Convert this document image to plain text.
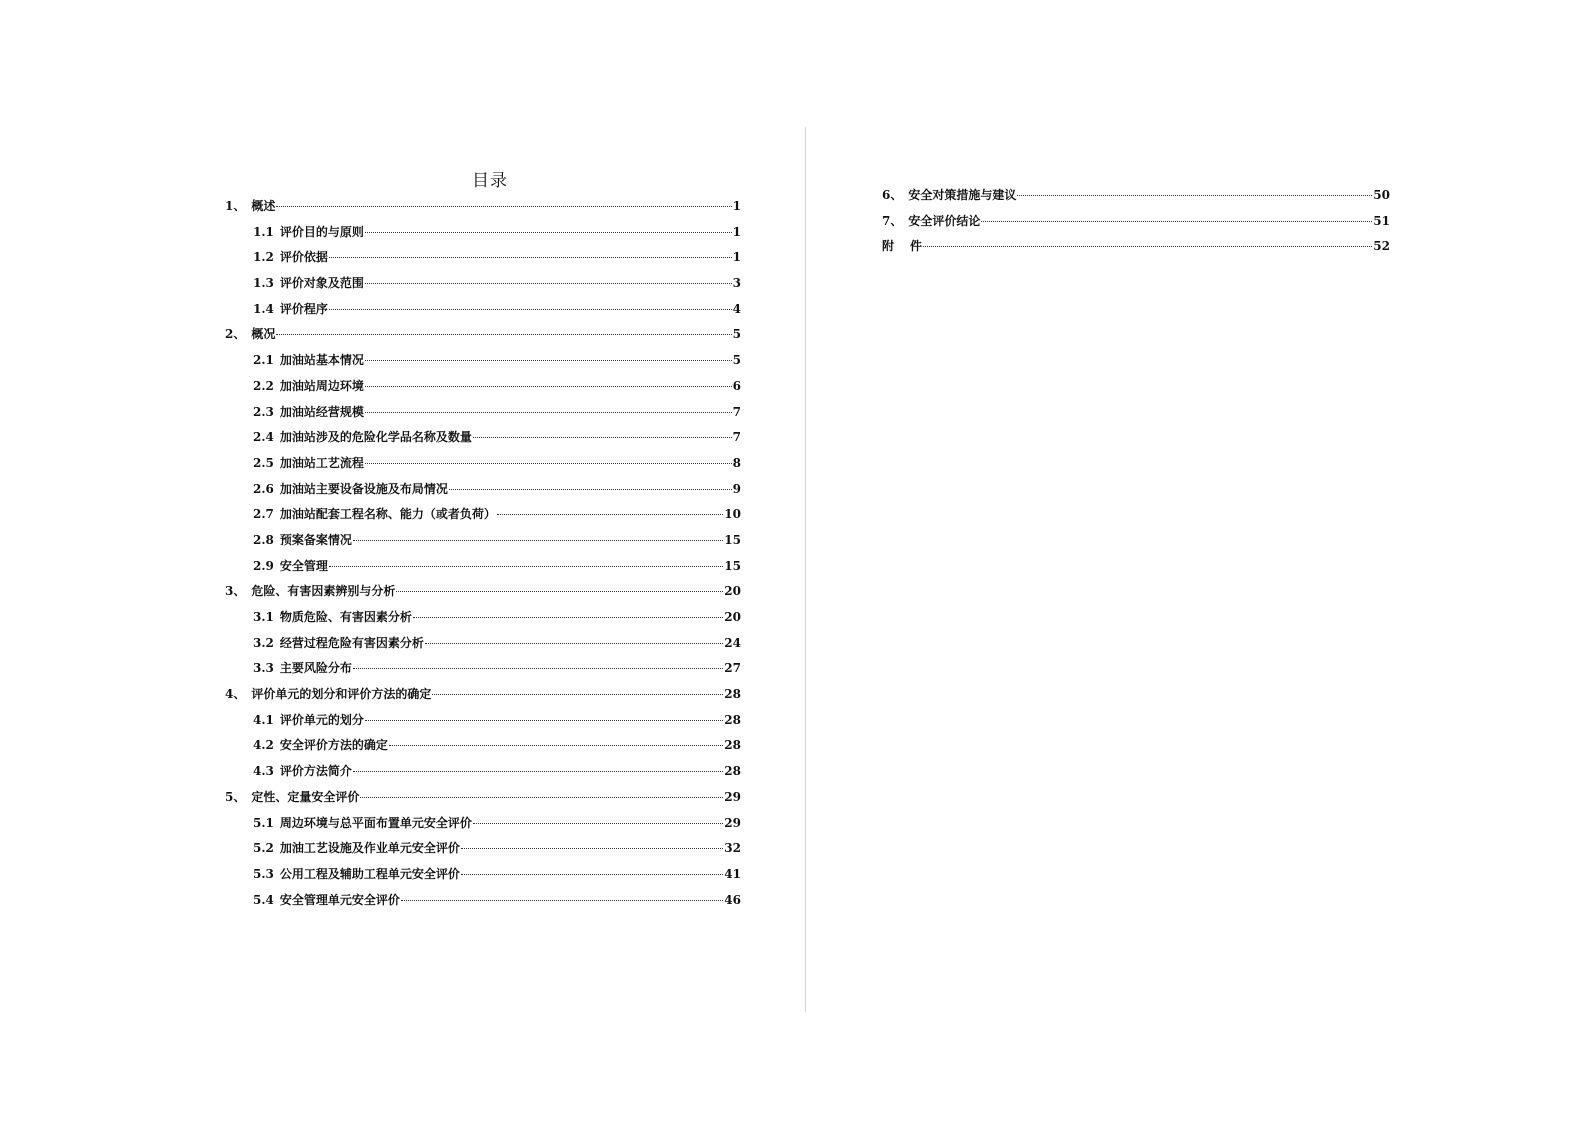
目录
1、 概述	1
1.1 评价目的与原则	1
1.2 评价依据	1
1.3 评价对象及范围	3
1.4 评价程序	4
2、 概况	5
2.1 加油站基本情况	5
2.2 加油站周边环境	6
2.3 加油站经营规模	7
2.4 加油站涉及的危险化学品名称及数量	7
2.5 加油站工艺流程	8
2.6 加油站主要设备设施及布局情况	9
2.7 加油站配套工程名称、能力（或者负荷）	10
2.8 预案备案情况	15
2.9 安全管理	15
3、 危险、有害因素辨别与分析	20
3.1 物质危险、有害因素分析	20
3.2 经营过程危险有害因素分析	24
3.3 主要风险分布	27
4、 评价单元的划分和评价方法的确定	28
4.1 评价单元的划分	28
4.2 安全评价方法的确定	28
4.3 评价方法简介	28
5、 定性、定量安全评价	29
5.1 周边环境与总平面布置单元安全评价	29
5.2 加油工艺设施及作业单元安全评价	32
5.3 公用工程及辅助工程单元安全评价	41
5.4 安全管理单元安全评价	46
6、 安全对策措施与建议	50
7、 安全评价结论	51
附 件	52
